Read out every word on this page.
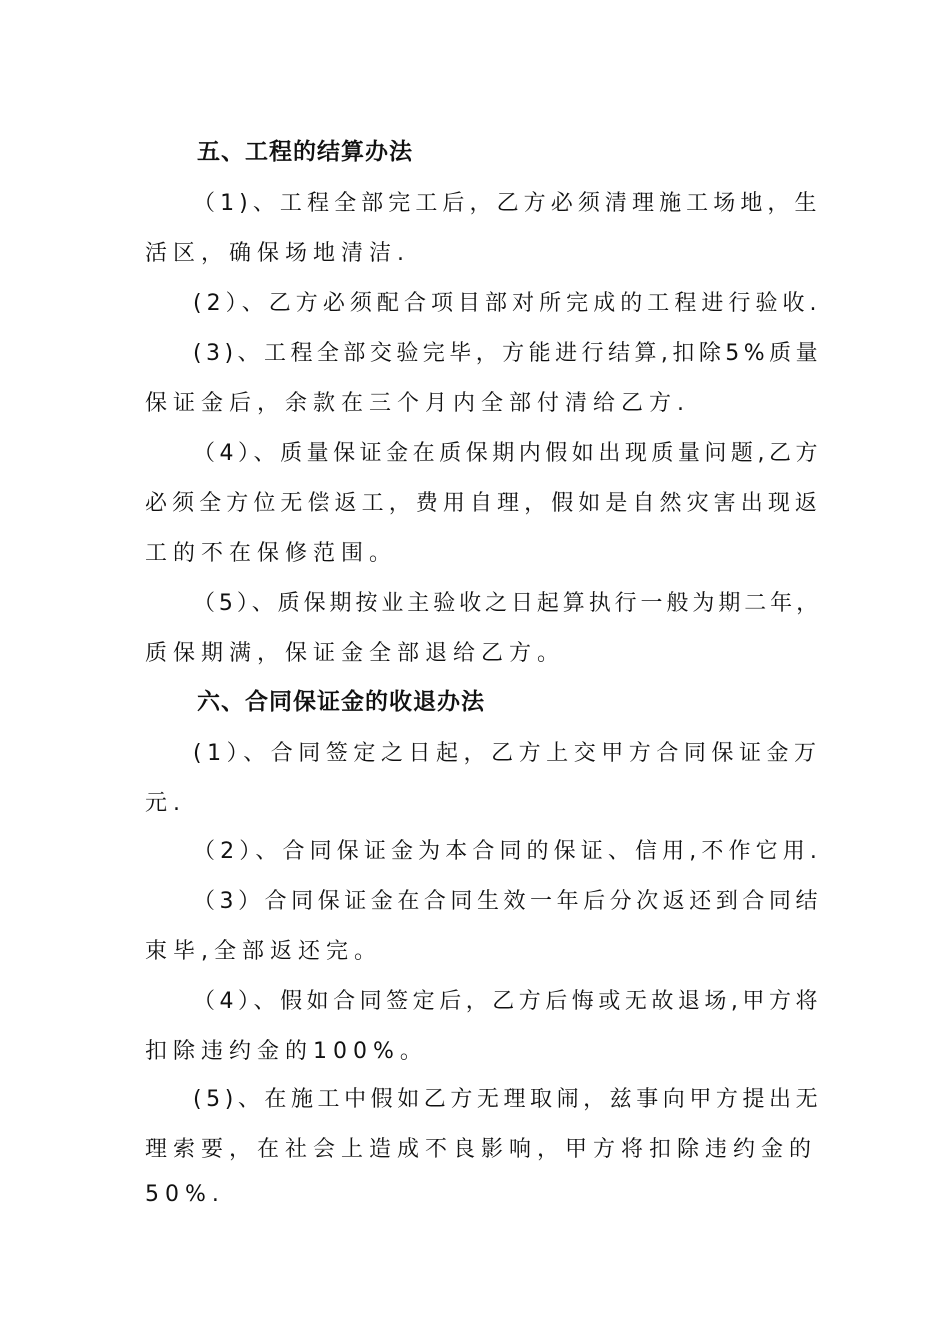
五、工程的结算办法
（1)、工程全部完工后，乙方必须清理施工场地，生
活区，确保场地清洁.
(2）、乙方必须配合项目部对所完成的工程进行验收.
(3)、工程全部交验完毕，方能进行结算,扣除5%质量
保证金后，余款在三个月内全部付清给乙方.
（4）、质量保证金在质保期内假如出现质量问题,乙方
必须全方位无偿返工，费用自理，假如是自然灾害出现返
工的不在保修范围。
（5）、质保期按业主验收之日起算执行一般为期二年，
质保期满，保证金全部退给乙方。
六、合同保证金的收退办法
(1）、合同签定之日起，乙方上交甲方合同保证金万
元.
（2）、合同保证金为本合同的保证、信用,不作它用.
（3）合同保证金在合同生效一年后分次返还到合同结
束毕,全部返还完。
（4）、假如合同签定后，乙方后悔或无故退场,甲方将
扣除违约金的100%。
(5)、在施工中假如乙方无理取闹，兹事向甲方提出无
理索要，在社会上造成不良影响，甲方将扣除违约金的
50%.
